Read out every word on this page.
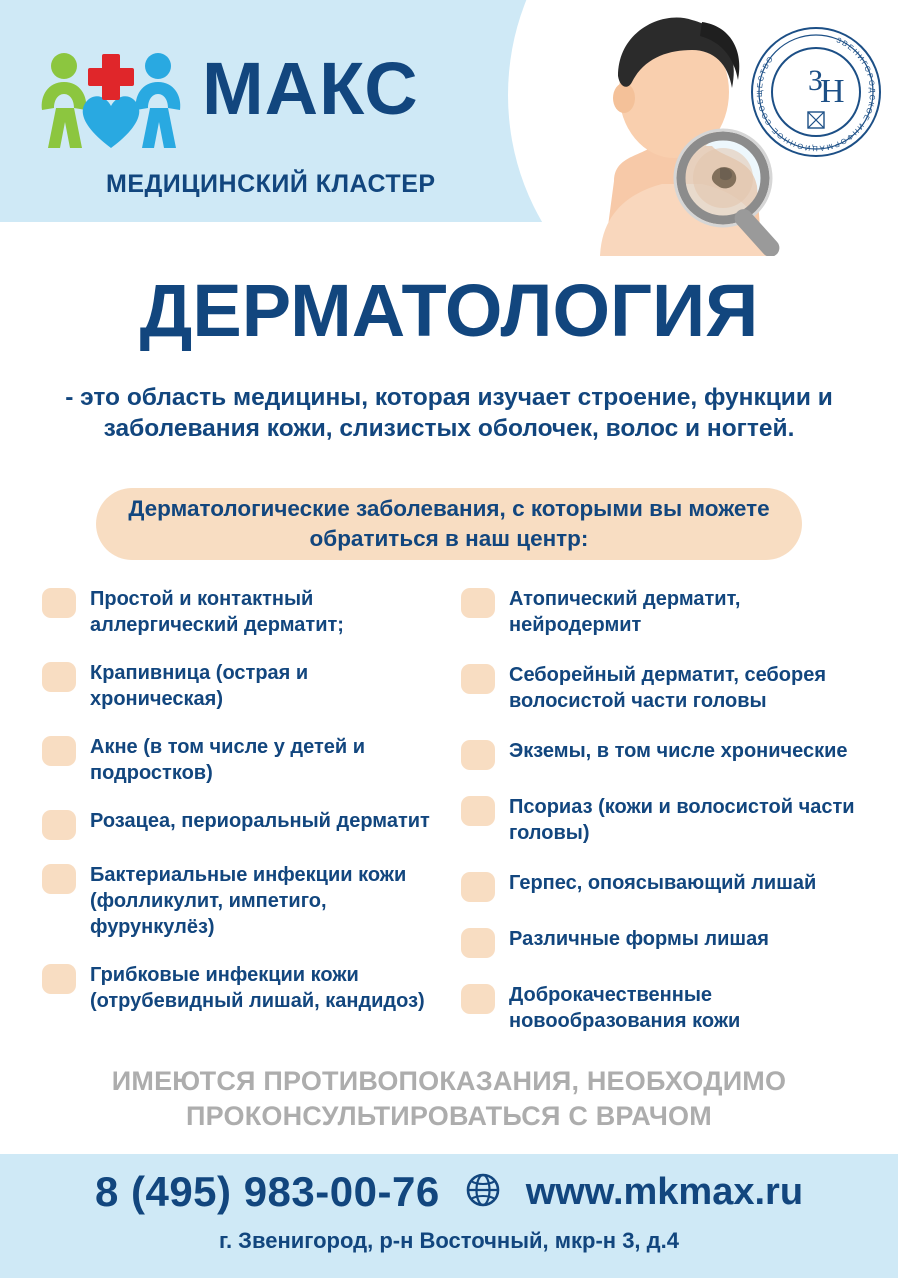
МАКС
МЕДИЦИНСКИЙ КЛАСТЕР
ЗВЕНИГОРОДСКОЕ ИНФОРМАЦИОННОЕ СООБЩЕСТВО
З
Н
ДЕРМАТОЛОГИЯ
- это область медицины, которая изучает строение, функции и заболевания кожи, слизистых оболочек, волос и ногтей.
Дерматологические заболевания, с которыми вы можете обратиться в наш центр:
Простой и контактный аллергический дерматит;
Крапивница (острая и хроническая)
Акне (в том числе у детей и подростков)
Розацеа, периоральный дерматит
Бактериальные инфекции кожи (фолликулит, импетиго, фурункулёз)
Грибковые инфекции кожи (отрубевидный лишай, кандидоз)
Атопический дерматит, нейродермит
Себорейный дерматит, себорея волосистой части головы
Экземы, в том числе хронические
Псориаз (кожи и волосистой части головы)
Герпес, опоясывающий лишай
Различные формы лишая
Доброкачественные новообразования кожи
ИМЕЮТСЯ ПРОТИВОПОКАЗАНИЯ, НЕОБХОДИМО ПРОКОНСУЛЬТИРОВАТЬСЯ С ВРАЧОМ
8 (495) 983-00-76 www.mkmax.ru
г. Звенигород, р-н Восточный, мкр-н 3, д.4
